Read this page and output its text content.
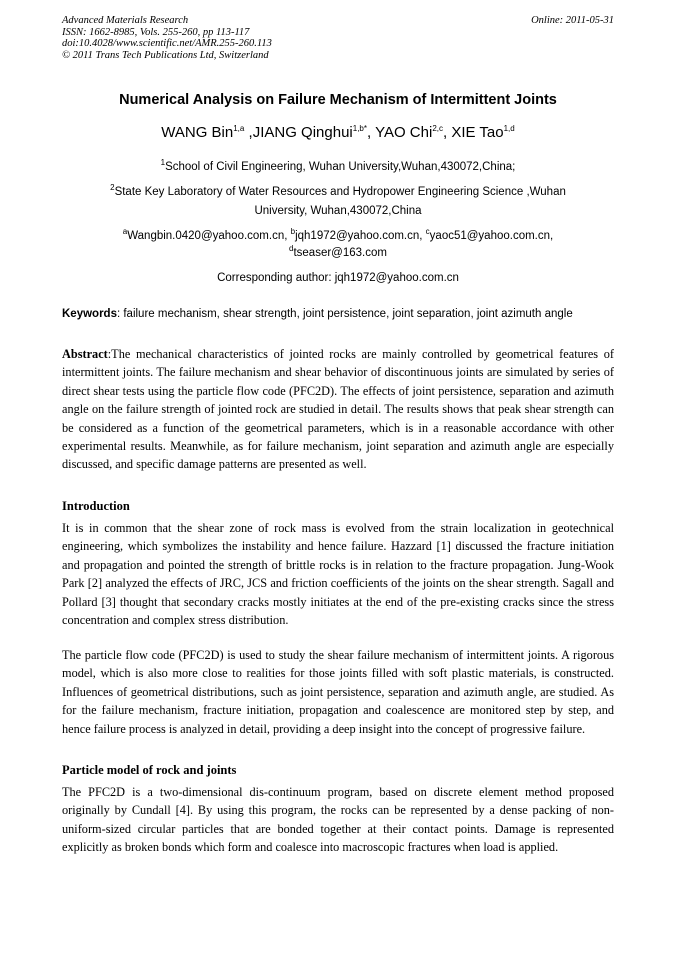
Advanced Materials Research
ISSN: 1662-8985, Vols. 255-260, pp 113-117
doi:10.4028/www.scientific.net/AMR.255-260.113
© 2011 Trans Tech Publications Ltd, Switzerland
Online: 2011-05-31
Numerical Analysis on Failure Mechanism of Intermittent Joints
WANG Bin$^{1,a}$ ,JIANG Qinghui$^{1,b*}$, YAO Chi$^{2,c}$, XIE Tao$^{1,d}$
$^1$School of Civil Engineering, Wuhan University,Wuhan,430072,China;
$^2$State Key Laboratory of Water Resources and Hydropower Engineering Science ,Wuhan
University, Wuhan,430072,China
$^a$Wangbin.0420@yahoo.com.cn, $^b$jqh1972@yahoo.com.cn, $^c$yaoc51@yahoo.com.cn,
$^d$tseaser@163.com
Corresponding author: jqh1972@yahoo.com.cn
Keywords: failure mechanism, shear strength, joint persistence, joint separation, joint azimuth angle

Abstract:The mechanical characteristics of jointed rocks are mainly controlled by geometrical features of intermittent joints. The failure mechanism and shear behavior of discontinuous joints are simulated by series of direct shear tests using the particle flow code (PFC2D). The effects of joint persistence, separation and azimuth angle on the failure strength of jointed rock are studied in detail. The results shows that peak shear strength can be considered as a function of the geometrical parameters, which is in a reasonable accordance with other experimental results. Meanwhile, as for failure mechanism, joint separation and azimuth angle are especially discussed, and specific damage patterns are presented as well.

Introduction

It is in common that the shear zone of rock mass is evolved from the strain localization in geotechnical engineering, which symbolizes the instability and hence failure. Hazzard [1] discussed the fracture initiation and propagation and pointed the strength of brittle rocks is in relation to the fracture propagation. Jung-Wook Park [2] analyzed the effects of JRC, JCS and friction coefficients of the joints on the shear strength. Sagall and Pollard [3] thought that secondary cracks mostly initiates at the end of the pre-existing cracks since the stress concentration and complex stress distribution.

The particle flow code (PFC2D) is used to study the shear failure mechanism of intermittent joints. A rigorous model, which is also more close to realities for those joints filled with soft plastic materials, is constructed. Influences of geometrical distributions, such as joint persistence, separation and azimuth angle, are studied. As for the failure mechanism, fracture initiation, propagation and coalescence are monitored step by step, and hence failure process is analyzed in detail, providing a deep insight into the concept of progressive failure.

Particle model of rock and joints

The PFC2D is a two-dimensional dis-continuum program, based on discrete element method proposed originally by Cundall [4]. By using this program, the rocks can be represented by a dense packing of non-uniform-sized circular particles that are bonded together at their contact points. Damage is represented explicitly as broken bonds which form and coalesce into macroscopic fractures when load is applied.
